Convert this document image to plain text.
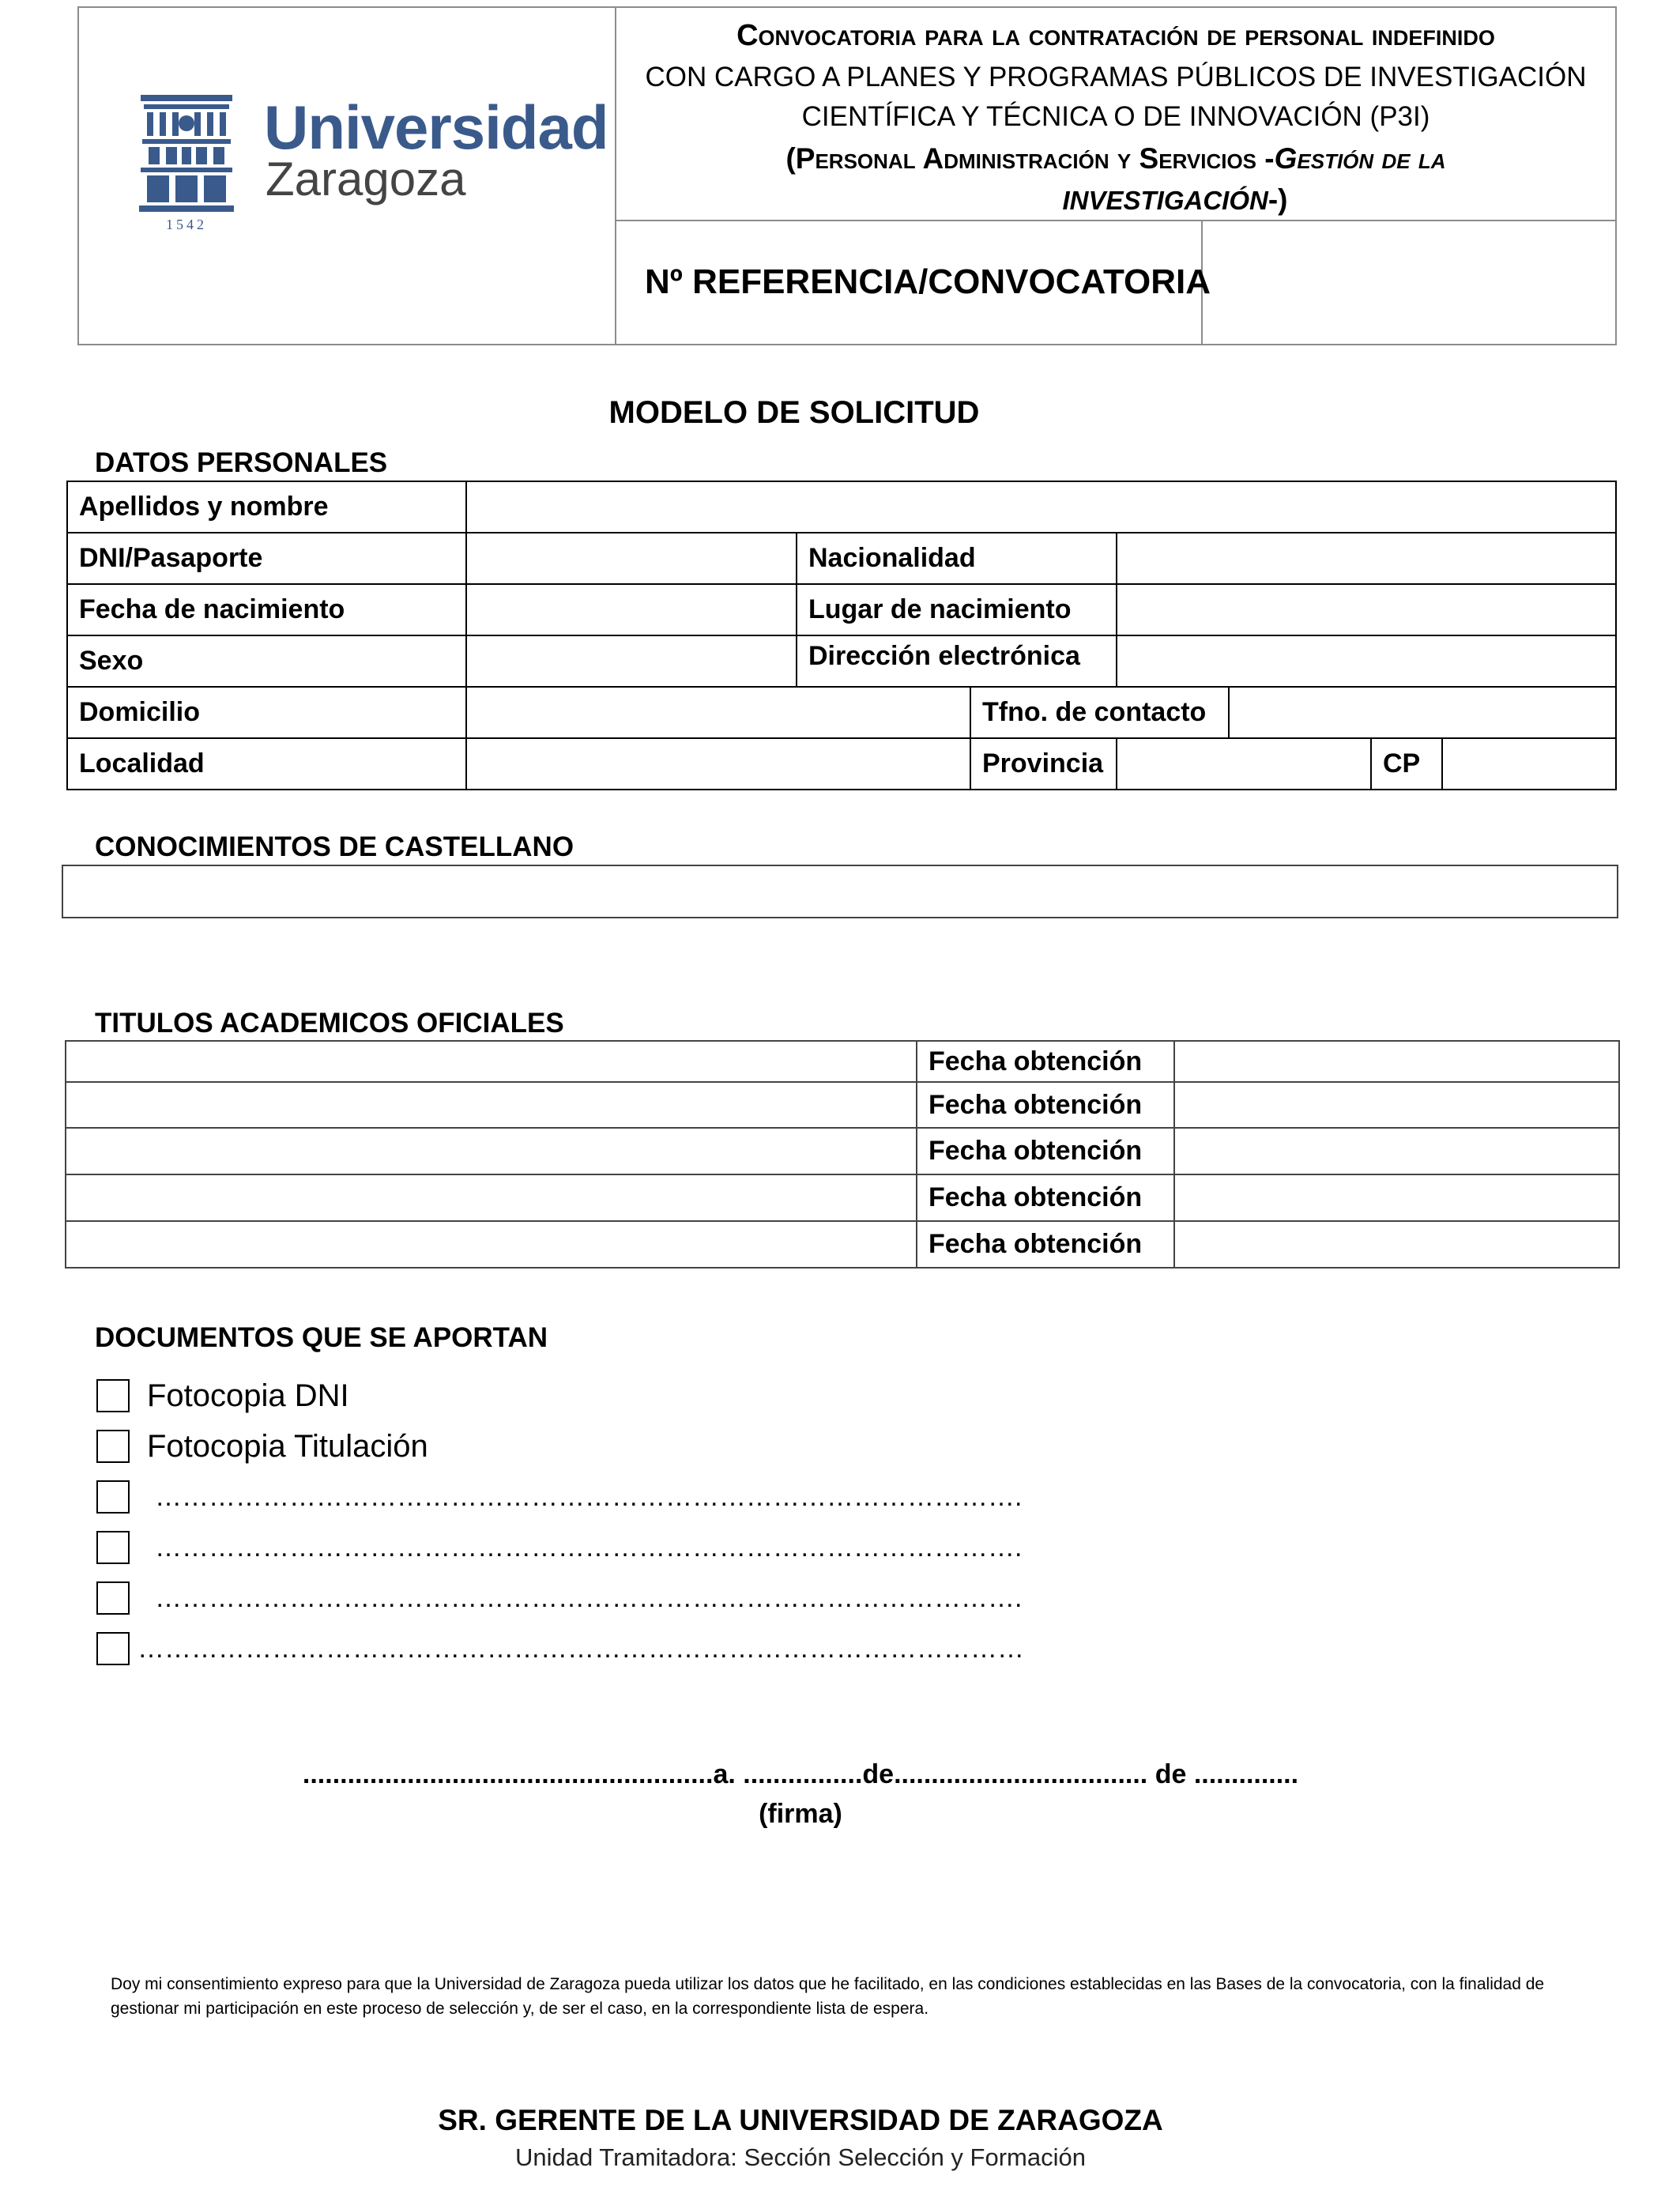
1542
Universidad
Zaragoza
Convocatoria para la contratación de personal indefinido
CON CARGO A PLANES Y PROGRAMAS PÚBLICOS DE INVESTIGACIÓN
CIENTÍFICA Y TÉCNICA O DE INNOVACIÓN (P3I)
(Personal Administración y Servicios -Gestión de la
INVESTIGACIÓN-)
Nº REFERENCIA/CONVOCATORIA
MODELO DE SOLICITUD
DATOS PERSONALES
Apellidos y nombre							
DNI/Pasaporte		Nacionalidad					
Fecha de nacimiento		Lugar de nacimiento					
Sexo		Dirección electrónica					
Domicilio			Tfno. de contacto				
Localidad			Provincia			CP	
CONOCIMIENTOS DE CASTELLANO
TITULOS ACADEMICOS OFICIALES
	Fecha obtención	
	Fecha obtención	
	Fecha obtención	
	Fecha obtención	
	Fecha obtención	
DOCUMENTOS QUE SE APORTAN
Fotocopia DNI
Fotocopia Titulación
…………………………………………………………………………………….
…………………………………………………………………………………….
…………………………………………………………………………………….
………………………………………………………………………………………
.......................................................a. ................de.................................. de ..............
(firma)
Doy mi consentimiento expreso para que la Universidad de Zaragoza pueda utilizar los datos que he facilitado, en las condiciones establecidas en las Bases de la convocatoria, con la finalidad de gestionar mi participación en este proceso de selección y, de ser el caso, en la correspondiente lista de espera.
SR. GERENTE DE LA UNIVERSIDAD DE ZARAGOZA
Unidad Tramitadora: Sección Selección y Formación
